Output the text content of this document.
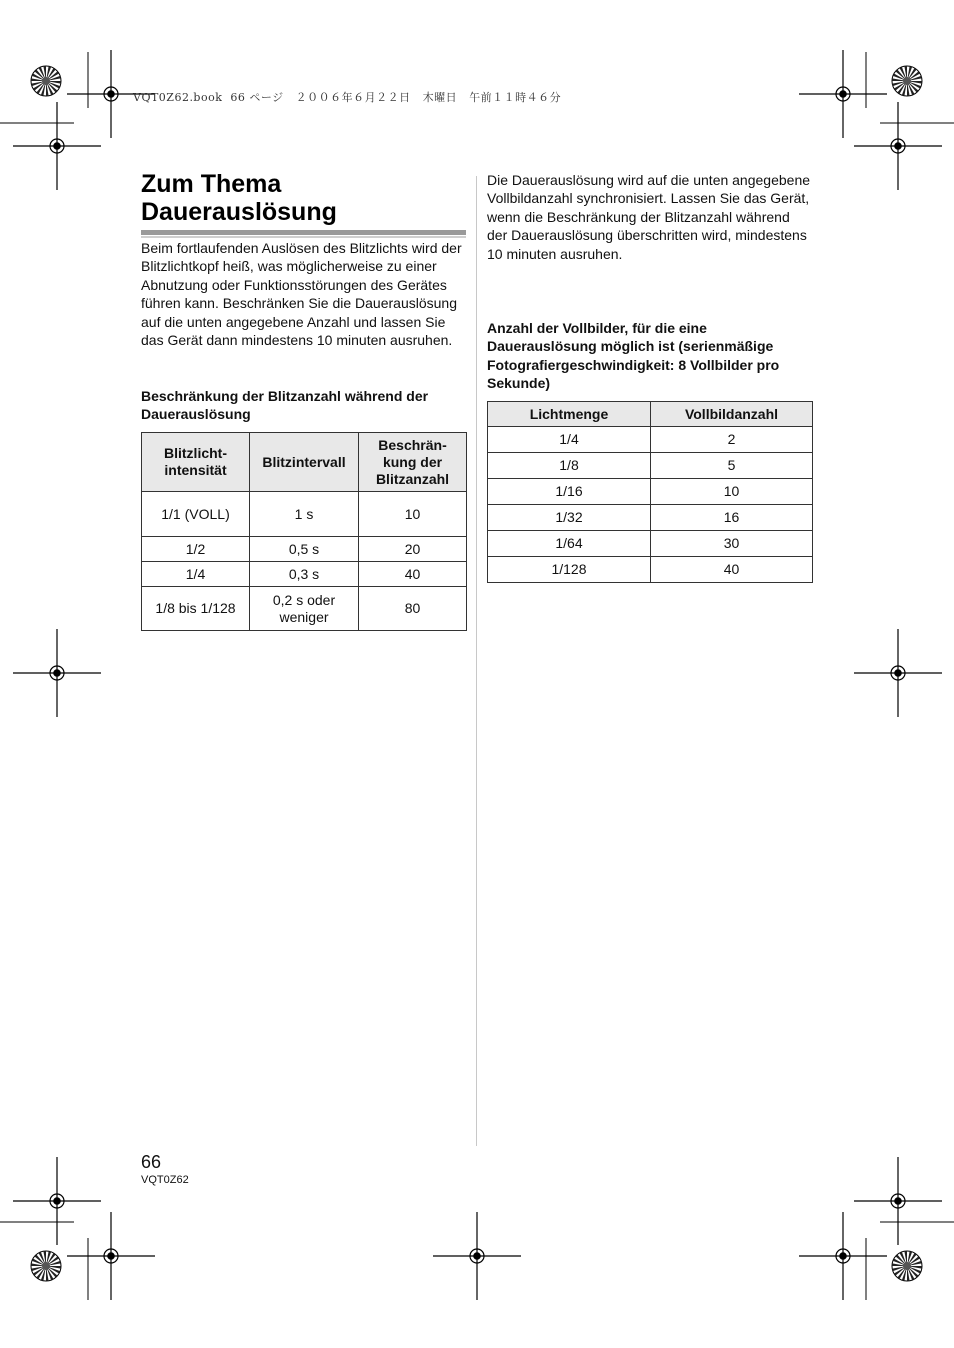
VQT0Z62.book 66 ページ ２００６年６月２２日 木曜日 午前１１時４６分
Zum Thema Dauerauslösung

Beim fortlaufenden Auslösen des Blitzlichts wird der Blitzlichtkopf heiß, was möglicherweise zu einer Abnutzung oder Funktionsstörungen des Gerätes führen kann. Beschränken Sie die Dauerauslösung auf die unten angegebene Anzahl und lassen Sie das Gerät dann mindestens 10 minuten ausruhen.

Beschränkung der Blitzanzahl während der Dauerauslösung

Blitzlicht-intensität	Blitzintervall	Beschrän-kung der Blitzanzahl
1/1 (VOLL)	1 s	10
1/2	0,5 s	20
1/4	0,3 s	40
1/8 bis 1/128	0,2 s oder weniger	80

Die Dauerauslösung wird auf die unten angegebene Vollbildanzahl synchronisiert. Lassen Sie das Gerät, wenn die Beschränkung der Blitzanzahl während der Dauerauslösung überschritten wird, mindestens 10 minuten ausruhen.

Anzahl der Vollbilder, für die eine Dauerauslösung möglich ist (serienmäßige Fotografiergeschwindigkeit: 8 Vollbilder pro Sekunde)

Lichtmenge	Vollbildanzahl
1/4	2
1/8	5
1/16	10
1/32	16
1/64	30
1/128	40
66
VQT0Z62
